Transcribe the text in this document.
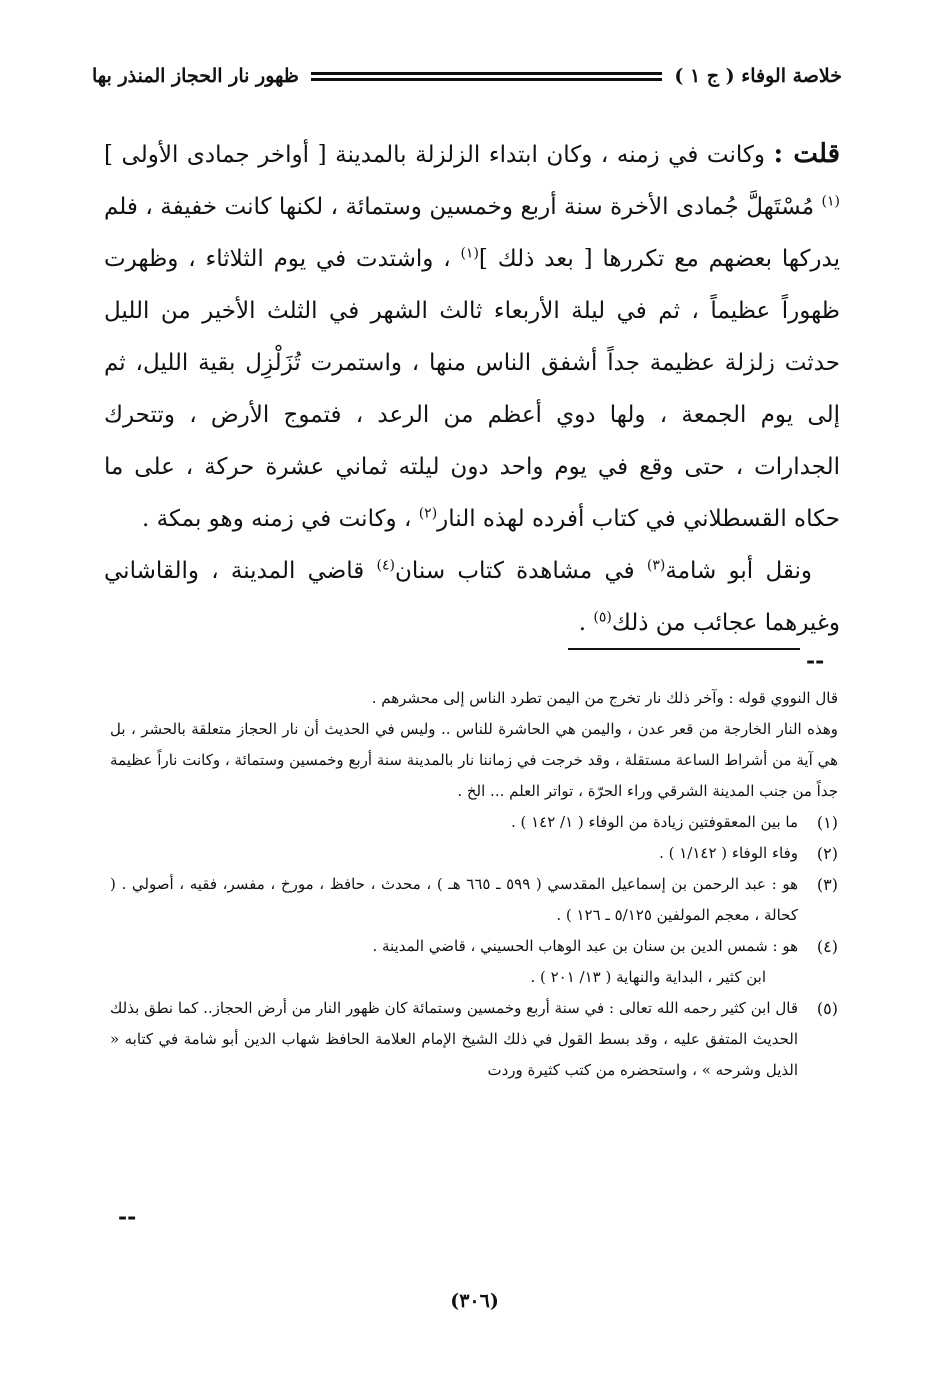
خلاصة الوفاء ( ج ١ )
ظهور نار الحجاز المنذر بها

قلت : وكانت في زمنه ، وكان ابتداء الزلزلة بالمدينة [ أواخر جمادى الأولى ]$^{(١)}$ مُسْتَهلَّ جُمادى الأخرة سنة أربع وخمسين وستمائة ، لكنها كانت خفيفة ، فلم يدركها بعضهم مع تكررها [ بعد ذلك ]$^{(١)}$ ، واشتدت في يوم الثلاثاء ، وظهرت ظهوراً عظيماً ، ثم في ليلة الأربعاء ثالث الشهر في الثلث الأخير من الليل حدثت زلزلة عظيمة جداً أشفق الناس منها ، واستمرت تُزَلْزِل بقية الليل، ثم إلى يوم الجمعة ، ولها دوي أعظم من الرعد ، فتموج الأرض ، وتتحرك الجدارات ، حتى وقع في يوم واحد دون ليلته ثماني عشرة حركة ، على ما حكاه القسطلاني في كتاب أفرده لهذه النار$^{(٢)}$ ، وكانت في زمنه وهو بمكة .

ونقل أبو شامة$^{(٣)}$ في مشاهدة كتاب سنان$^{(٤)}$ قاضي المدينة ، والقاشاني وغيرهما عجائب من ذلك$^{(٥)}$ .

--

قال النووي قوله : وآخر ذلك نار تخرج من اليمن تطرد الناس إلى محشرهم .

وهذه النار الخارجة من قعر عدن ، واليمن هي الحاشرة للناس .. وليس في الحديث أن نار الحجاز متعلقة بالحشر ، بل هي آية من أشراط الساعة مستقلة ، وقد خرجت في زماننا نار بالمدينة سنة أربع وخمسين وستمائة ، وكانت ناراً عظيمة جداً من جنب المدينة الشرقي وراء الحرّة ، تواتر العلم ... الخ .

(١)
ما بين المعقوفتين زيادة من الوفاء ( ١/ ١٤٢ ) .
(٢)
وفاء الوفاء ( ١/١٤٢ ) .
(٣)
هو : عبد الرحمن بن إسماعيل المقدسي ( ٥٩٩ ـ ٦٦٥ هـ ) ، محدث ، حافظ ، مورخ ، مفسر، فقيه ، أصولي . ( كحالة ، معجم المولفين ٥/١٢٥ ـ ١٢٦ ) .
(٤)
هو : شمس الدين بن سنان بن عبد الوهاب الحسيني ، قاضي المدينة .
ابن كثير ، البداية والنهاية ( ١٣/ ٢٠١ ) .
(٥)
قال ابن كثير رحمه الله تعالى : في سنة أربع وخمسين وستمائة كان ظهور النار من أرض الحجاز.. كما نطق بذلك الحديث المتفق عليه ، وقد بسط القول في ذلك الشيخ الإمام العلامة الحافظ شهاب الدين أبو شامة في كتابه « الذيل وشرحه » ، واستحضره من كتب كثيرة وردت
--
(٣٠٦)
